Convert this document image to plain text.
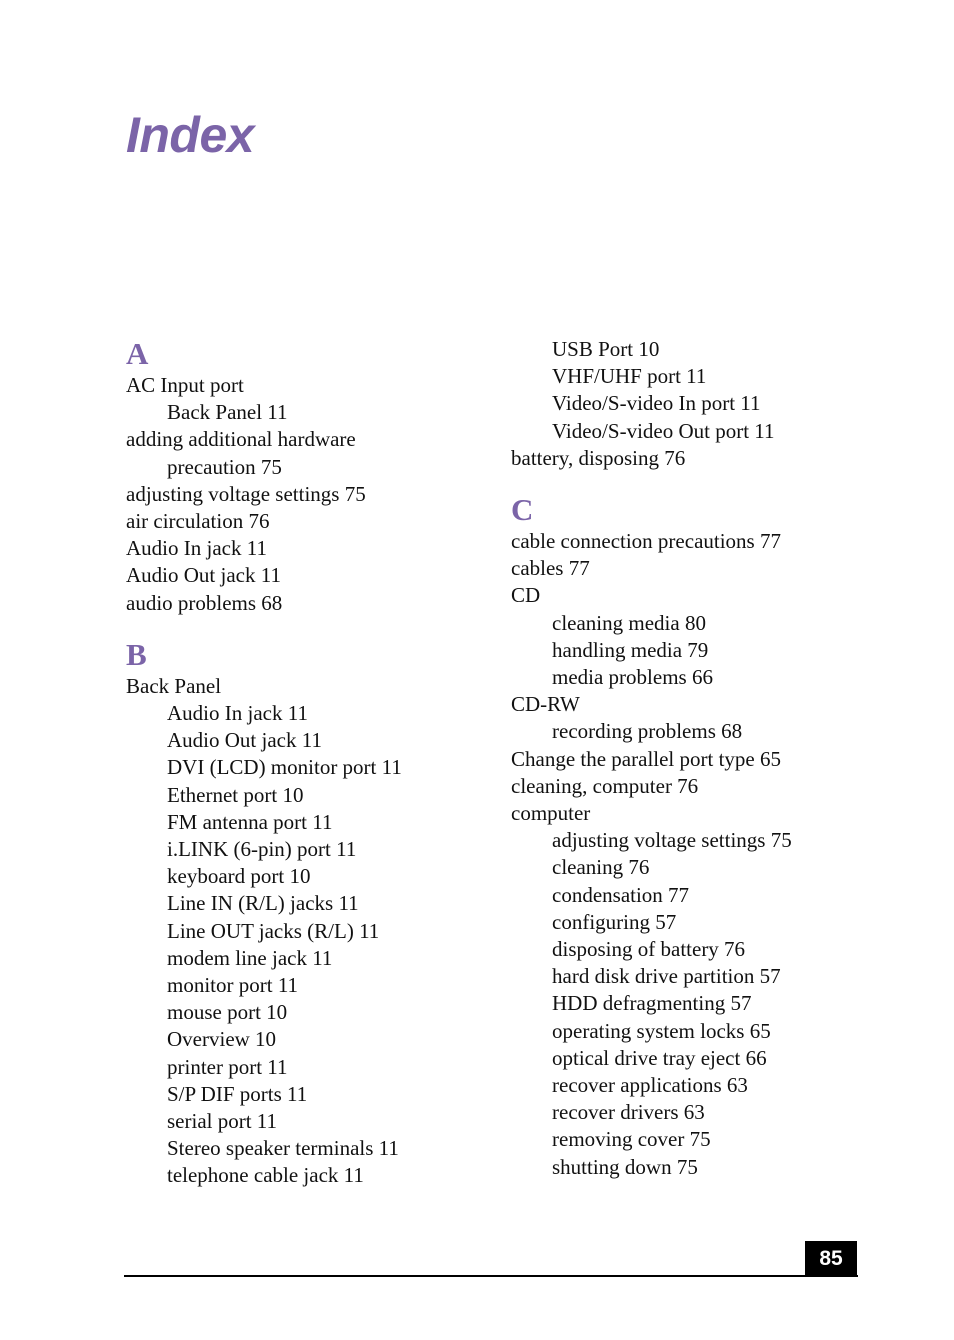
Index
A
AC Input port
Back Panel 11
adding additional hardware
precaution 75
adjusting voltage settings 75
air circulation 76
Audio In jack 11
Audio Out jack 11
audio problems 68
B
Back Panel
Audio In jack 11
Audio Out jack 11
DVI (LCD) monitor port 11
Ethernet port 10
FM antenna port 11
i.LINK (6-pin) port 11
keyboard port 10
Line IN (R/L) jacks 11
Line OUT jacks (R/L) 11
modem line jack 11
monitor port 11
mouse port 10
Overview 10
printer port 11
S/P DIF ports 11
serial port 11
Stereo speaker terminals 11
telephone cable jack 11
USB Port 10
VHF/UHF port 11
Video/S-video In port 11
Video/S-video Out port 11
battery, disposing 76
C
cable connection precautions 77
cables 77
CD
cleaning media 80
handling media 79
media problems 66
CD-RW
recording problems 68
Change the parallel port type 65
cleaning, computer 76
computer
adjusting voltage settings 75
cleaning 76
condensation 77
configuring 57
disposing of battery 76
hard disk drive partition 57
HDD defragmenting 57
operating system locks 65
optical drive tray eject 66
recover applications 63
recover drivers 63
removing cover 75
shutting down 75
85
